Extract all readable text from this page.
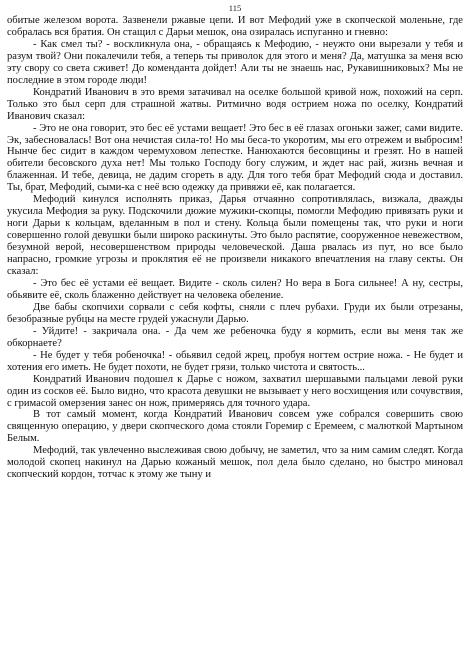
115

обитые железом ворота. Зазвенели ржавые цепи. И вот Мефодий уже в скопческой моленьне, где собралась вся братия. Он стащил с Дарьи мешок, она озиралась испуганно и гневно:

- Как смел ты? - воскликнула она, - обращаясь к Мефодию, - неужто они вырезали у тебя и разум твой? Они покалечили тебя, а теперь ты приволок для этого и меня? Да, матушка за меня всю эту свору со света сживет! До коменданта дойдет! Али ты не знаешь нас, Рукавишниковых? Мы не последние в этом городе люди!

Кондратий Иванович в это время затачивал на оселке большой кривой нож, похожий на серп. Только это был серп для страшной жатвы. Ритмично водя острием ножа по оселку, Кондратий Иванович сказал:

- Это не она говорит, это бес её устами вещает! Это бес в её глазах огоньки зажег, сами видите. Эк, забесновалась! Вот она нечистая сила-то! Но мы беса-то укоротим, мы его отрежем и выбросим! Нынче бес сидит в каждом черемуховом лепестке. Нанюхаются бесовщины и грезят. Но в нашей обители бесовского духа нет! Мы только Господу богу служим, и ждет нас рай, жизнь вечная и блаженная. И тебе, девица, не дадим сгореть в аду. Для того тебя брат Мефодий сюда и доставил. Ты, брат, Мефодий, сыми-ка с неё всю одежку да привяжи её, как полагается.

Мефодий кинулся исполнять приказ, Дарья отчаянно сопротивлялась, визжала, дважды укусила Мефодия за руку. Подскочили дюжие мужики-скопцы, помогли Мефодию привязать руки и ноги Дарьи к кольцам, вделанным в пол и стену. Кольца были помещены так, что руки и ноги совершенно голой девушки были широко раскинуты. Это было распятие, сооруженное невежеством, безумной верой, несовершенством природы человеческой. Даша рвалась из пут, но все было напрасно, громкие угрозы и проклятия её не произвели никакого впечатления на главу секты. Он сказал:

- Это бес её устами её вещает. Видите - сколь силен? Но вера в Бога сильнее! А ну, сестры, обьявите её, сколь блаженно действует на человека обеление.

Две бабы скопчихи сорвали с себя кофты, сняли с плеч рубахи. Груди их были отрезаны, безобразные рубцы на месте грудей ужаснули Дарью.

- Уйдите! - закричала она. - Да чем же ребеночка буду я кормить, если вы меня так же обкорнаете?

- Не будет у тебя робеночка! - обьявил седой жрец, пробуя ногтем острие ножа. - Не будет и хотения его иметь. Не будет похоти, не будет грязи, только чистота и святость...

Кондратий Иванович подошел к Дарье с ножом, захватил шершавыми пальцами левой руки один из сосков её. Было видно, что красота девушки не вызывает у него восхищения или сочувствия, с гримасой омерзения занес он нож, примеряясь для точного удара.

В тот самый момент, когда Кондратий Иванович совсем уже собрался совершить свою священную операцию, у двери скопческого дома стояли Горемир с Еремеем, с малюткой Мартыном Белым.

Мефодий, так увлеченно выслеживая свою добычу, не заметил, что за ним самим следят. Когда молодой скопец накинул на Дарью кожаный мешок, пол дела было сделано, но быстро миновал скопческий кордон, тотчас к этому же тыну и
